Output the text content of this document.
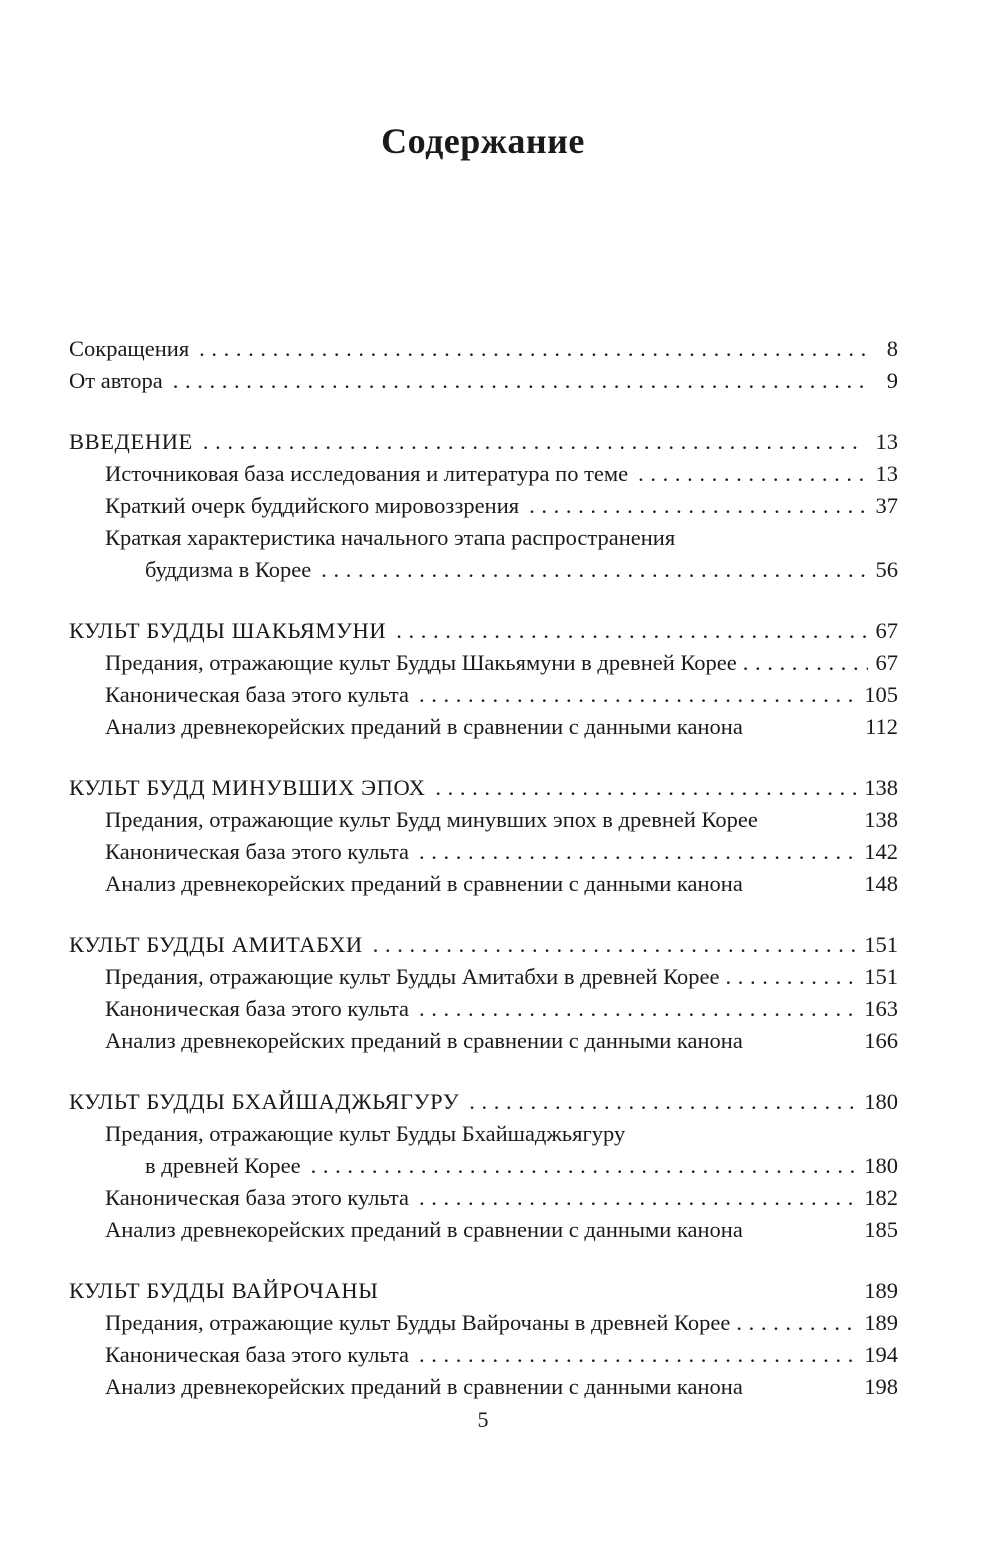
Содержание
Сокращения . . .	8
От автора . . .	9
ВВЕДЕНИЕ . . .	13
Источниковая база исследования и литература по теме . . .	13
Краткий очерк буддийского мировоззрения . . .	37
Краткая характеристика начального этапа распространения
буддизма в Корее . . .	56
КУЛЬТ БУДДЫ ШАКЬЯМУНИ . . .	67
Предания, отражающие культ Будды Шакьямуни в древней Корее . . .	67
Каноническая база этого культа . . .	105
Анализ древнекорейских преданий в сравнении с данными канона	112
КУЛЬТ БУДД МИНУВШИХ ЭПОХ . . .	138
Предания, отражающие культ Будд минувших эпох в древней Корее	138
Каноническая база этого культа . . .	142
Анализ древнекорейских преданий в сравнении с данными канона	148
КУЛЬТ БУДДЫ АМИТАБХИ . . .	151
Предания, отражающие культ Будды Амитабхи в древней Корее . . .	151
Каноническая база этого культа . . .	163
Анализ древнекорейских преданий в сравнении с данными канона	166
КУЛЬТ БУДДЫ БХАЙШАДЖЬЯГУРУ . . .	180
Предания, отражающие культ Будды Бхайшаджьягуру
в древней Корее . . .	180
Каноническая база этого культа . . .	182
Анализ древнекорейских преданий в сравнении с данными канона	185
КУЛЬТ БУДДЫ ВАЙРОЧАНЫ	189
Предания, отражающие культ Будды Вайрочаны в древней Корее . . .	189
Каноническая база этого культа . . .	194
Анализ древнекорейских преданий в сравнении с данными канона	198
5
